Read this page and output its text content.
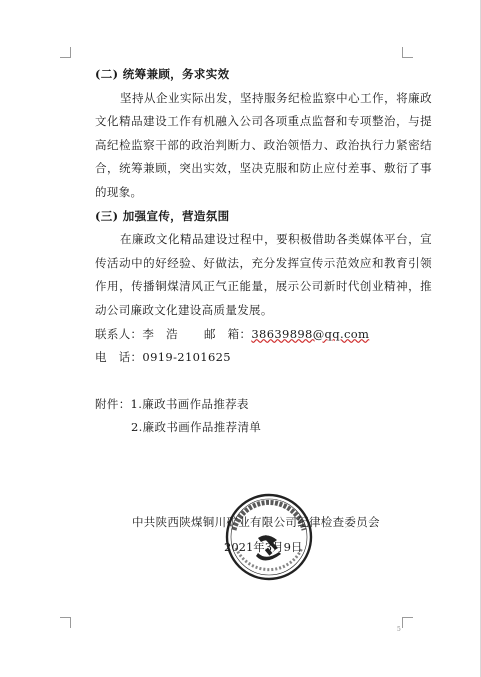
(二) 统筹兼顾，务求实效

坚持从企业实际出发，坚持服务纪检监察中心工作，将廉政文化精品建设工作有机融入公司各项重点监督和专项整治，与提高纪检监察干部的政治判断力、政治领悟力、政治执行力紧密结合，统筹兼顾，突出实效，坚决克服和防止应付差事、敷衍了事的现象。

(三) 加强宣传，营造氛围

在廉政文化精品建设过程中，要积极借助各类媒体平台，宣传活动中的好经验、好做法，充分发挥宣传示范效应和教育引领作用，传播铜煤清风正气正能量，展示公司新时代创业精神，推动公司廉政文化建设高质量发展。

联系人：李　浩 邮　箱：38639898@qq.com

电　话：0919-2101625

附件：1.廉政书画作品推荐表

2.廉政书画作品推荐清单

中共陕西陕煤铜川矿业有限公司纪律检查委员会
2021年3月9日
5
